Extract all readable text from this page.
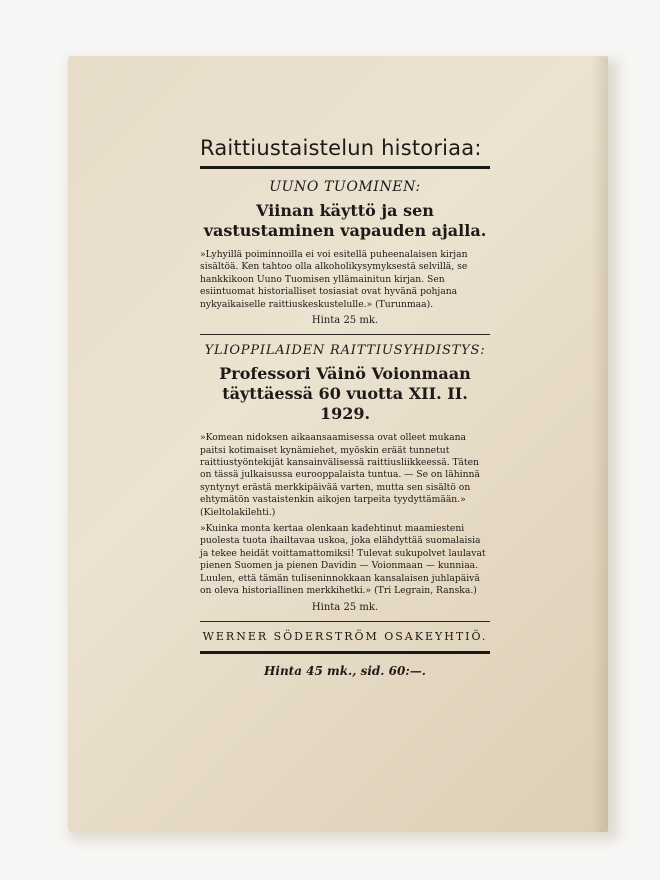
Raittiustaistelun historiaa:

UUNO TUOMINEN:

Viinan käyttö ja sen vastustaminen vapauden ajalla.

»Lyhyillä poiminnoilla ei voi esitellä puheenalaisen kirjan sisältöä. Ken tahtoo olla alkoholikysymyksestä selvillä, se hankkikoon Uuno Tuomisen yllämainitun kirjan. Sen esiintuomat historialliset tosiasiat ovat hyvänä pohjana nykyaikaiselle raittiuskeskustelulle.» (Turunmaa).

Hinta 25 mk.

YLIOPPILAIDEN RAITTIUSYHDISTYS:

Professori Väinö Voionmaan täyttäessä 60 vuotta XII. II. 1929.

»Komean nidoksen aikaansaamisessa ovat olleet mukana paitsi kotimaiset kynämiehet, myöskin eräät tunnetut raittiustyöntekijät kansainvälisessä raittiusliikkeessä. Täten on tässä julkaisussa eurooppalaista tuntua. — Se on lähinnä syntynyt erästä merkkipäivää varten, mutta sen sisältö on ehtymätön vastaistenkin aikojen tarpeita tyydyttämään.» (Kieltolakilehti.)

»Kuinka monta kertaa olenkaan kadehtinut maamiesteni puolesta tuota ihailtavaa uskoa, joka elähdyttää suomalaisia ja tekee heidät voittamattomiksi! Tulevat sukupolvet laulavat pienen Suomen ja pienen Davidin — Voionmaan — kunniaa. Luulen, että tämän tuliseninnokkaan kansalaisen juhlapäivä on oleva historiallinen merkkihetki.» (Tri Legrain, Ranska.)

Hinta 25 mk.

WERNER SÖDERSTRÖM OSAKEYHTIÖ.

Hinta 45 mk., sid. 60:—.
